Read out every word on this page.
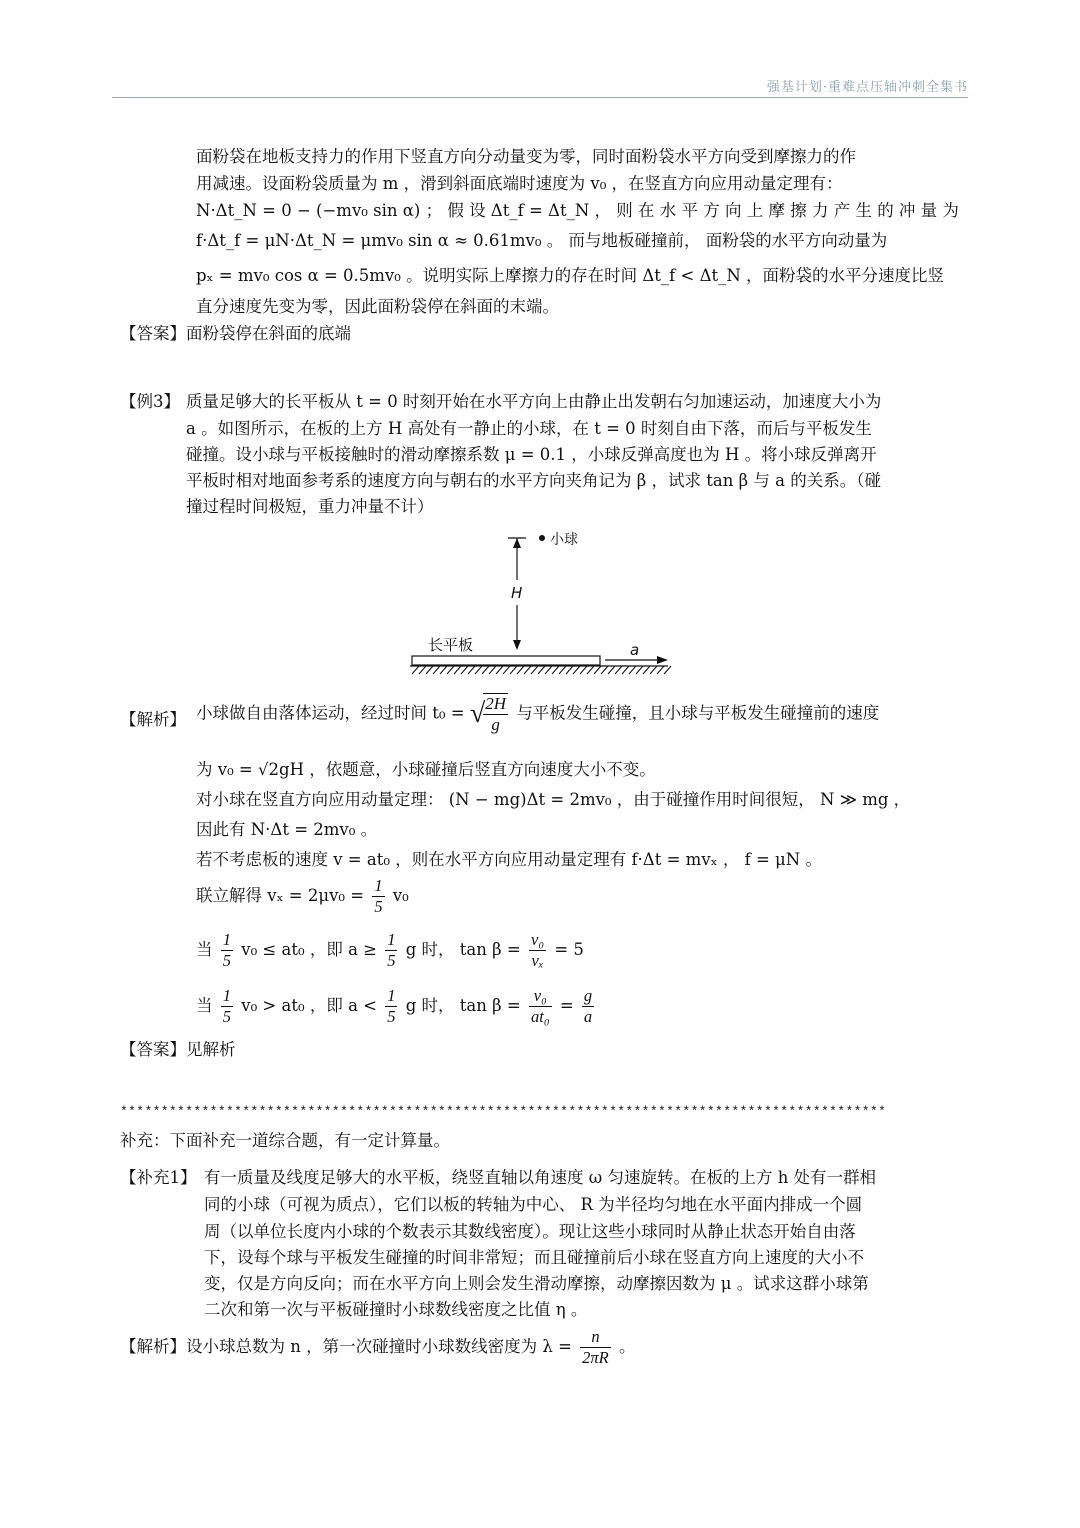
强基计划·重难点压轴冲刺全集书
面粉袋在地板支持力的作用下竖直方向分动量变为零，同时面粉袋水平方向受到摩擦力的作
用减速。设面粉袋质量为 m ，滑到斜面底端时速度为 v₀ ，在竖直方向应用动量定理有：
N·Δt_N = 0 − (−mv₀ sin α) ； 假 设 Δt_f = Δt_N ， 则 在 水 平 方 向 上 摩 擦 力 产 生 的 冲 量 为
f·Δt_f = μN·Δt_N = μmv₀ sin α ≈ 0.61mv₀ 。 而与地板碰撞前， 面粉袋的水平方向动量为
pₓ = mv₀ cos α = 0.5mv₀ 。说明实际上摩擦力的存在时间 Δt_f < Δt_N ，面粉袋的水平分速度比竖
直分速度先变为零，因此面粉袋停在斜面的末端。
【答案】面粉袋停在斜面的底端
【例3】 质量足够大的长平板从 t = 0 时刻开始在水平方向上由静止出发朝右匀加速运动，加速度大小为
a 。如图所示，在板的上方 H 高处有一静止的小球，在 t = 0 时刻自由下落，而后与平板发生
碰撞。设小球与平板接触时的滑动摩擦系数 μ = 0.1 ，小球反弹高度也为 H 。将小球反弹离开
平板时相对地面参考系的速度方向与朝右的水平方向夹角记为 β ，试求 tan β 与 a 的关系。（碰
撞过程时间极短，重力冲量不计）
小球
H
长平板	a
【解析】 小球做自由落体运动，经过时间 t₀ = √
$\frac{2H}{g}$ 与平板发生碰撞，且小球与平板发生碰撞前的速度
为 v₀ = √2gH ，依题意，小球碰撞后竖直方向速度大小不变。
对小球在竖直方向应用动量定理： (N − mg)Δt = 2mv₀ ，由于碰撞作用时间很短， N ≫ mg ，
因此有 N·Δt = 2mv₀ 。
若不考虑板的速度 v = at₀ ，则在水平方向应用动量定理有 f·Δt = mvₓ ， f = μN 。
联立解得 $v_x = 2\mu v_0 = \frac{1}{5} v_0$
当 $\frac{1}{5} v_0 \le at_0$ ，即 $a \ge \frac{1}{5}$ g 时， $\tan \beta = \frac{\text{v₀}}{\text{vₓ}} = 5$
当 $\frac{1}{5} v_0 > at_0$ ，即 $a < \frac{1}{5}$ g 时， $\tan \beta = \frac{\text{v₀}}{\text{at₀}} = \frac{g}{a}$
【答案】见解析
**********************************************************************************************
补充：下面补充一道综合题，有一定计算量。
【补充1】 有一质量及线度足够大的水平板，绕竖直轴以角速度 ω 匀速旋转。在板的上方 h 处有一群相
同的小球（可视为质点），它们以板的转轴为中心、 R 为半径均匀地在水平面内排成一个圆
周（以单位长度内小球的个数表示其数线密度）。现让这些小球同时从静止状态开始自由落
下，设每个球与平板发生碰撞的时间非常短；而且碰撞前后小球在竖直方向上速度的大小不
变，仅是方向反向；而在水平方向上则会发生滑动摩擦，动摩擦因数为 μ 。试求这群小球第
二次和第一次与平板碰撞时小球数线密度之比值 η 。
【解析】设小球总数为 n ，第一次碰撞时小球数线密度为 $\lambda = \frac{n}{2\pi R}$ 。
